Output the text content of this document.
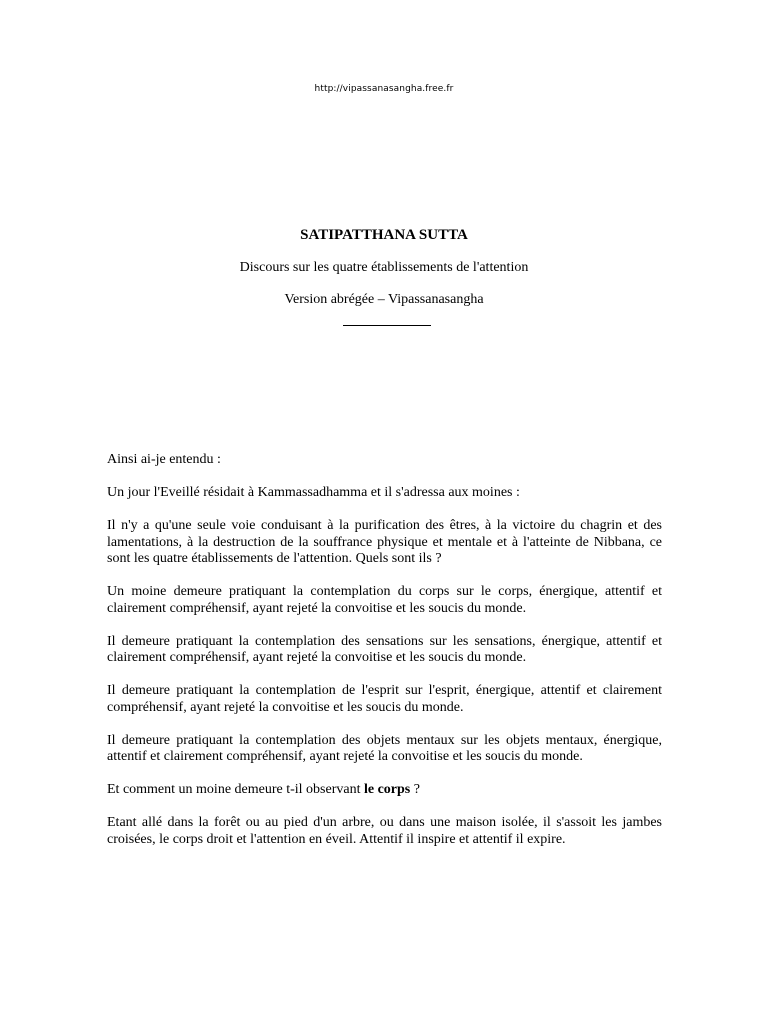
http://vipassanasangha.free.fr
SATIPATTHANA SUTTA
Discours sur les quatre établissements de l'attention
Version abrégée – Vipassanasangha

Ainsi ai-je entendu :

Un jour l'Eveillé résidait à Kammassadhamma et il s'adressa aux moines :

Il n'y a qu'une seule voie conduisant à la purification des êtres, à la victoire du chagrin et des lamentations, à la destruction de la souffrance physique et mentale et à l'atteinte de Nibbana, ce sont les quatre établissements de l'attention. Quels sont ils ?

Un moine demeure pratiquant la contemplation du corps sur le corps, énergique, attentif et clairement compréhensif, ayant rejeté la convoitise et les soucis du monde.

Il demeure pratiquant la contemplation des sensations sur les sensations, énergique, attentif et clairement compréhensif, ayant rejeté la convoitise et les soucis du monde.

Il demeure pratiquant la contemplation de l'esprit sur l'esprit, énergique, attentif et clairement compréhensif, ayant rejeté la convoitise et les soucis du monde.

Il demeure pratiquant la contemplation des objets mentaux sur les objets mentaux, énergique, attentif et clairement compréhensif, ayant rejeté la convoitise et les soucis du monde.

Et comment un moine demeure t-il observant le corps ?

Etant allé dans la forêt ou au pied d'un arbre, ou dans une maison isolée, il s'assoit les jambes croisées, le corps droit et l'attention en éveil. Attentif il inspire et attentif il expire.
